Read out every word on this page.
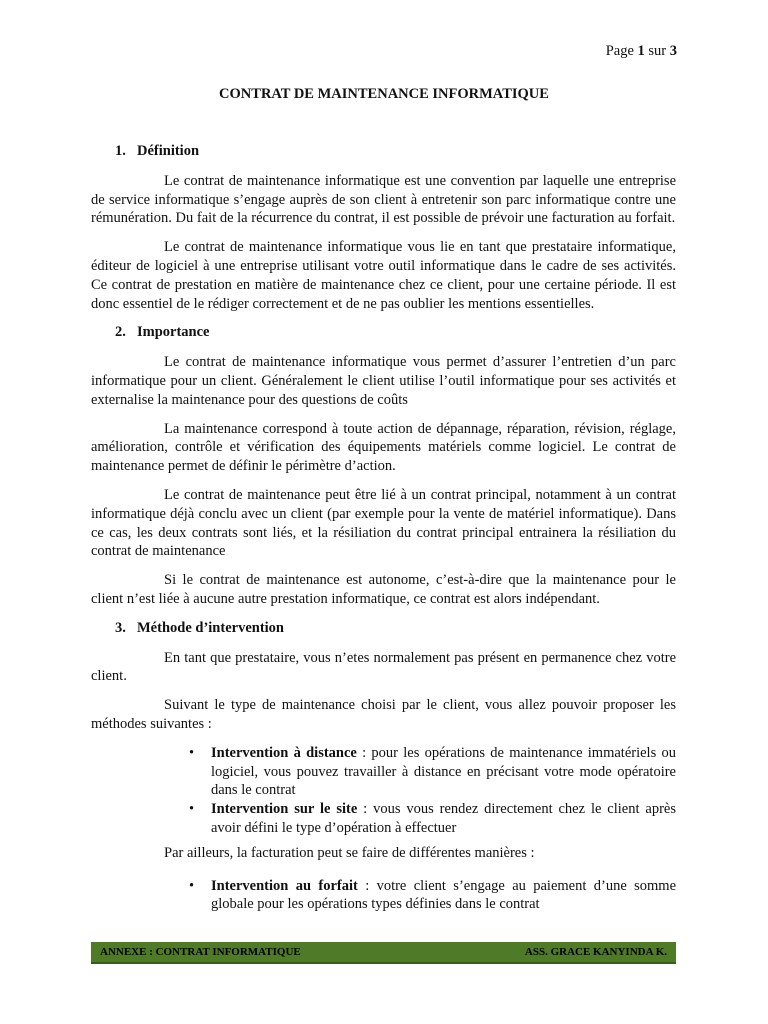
Page 1 sur 3
CONTRAT DE MAINTENANCE INFORMATIQUE
1. Définition

Le contrat de maintenance informatique est une convention par laquelle une entreprise de service informatique s’engage auprès de son client à entretenir son parc informatique contre une rémunération. Du fait de la récurrence du contrat, il est possible de prévoir une facturation au forfait.

Le contrat de maintenance informatique vous lie en tant que prestataire informatique, éditeur de logiciel à une entreprise utilisant votre outil informatique dans le cadre de ses activités. Ce contrat de prestation en matière de maintenance chez ce client, pour une certaine période. Il est donc essentiel de le rédiger correctement et de ne pas oublier les mentions essentielles.

2. Importance

Le contrat de maintenance informatique vous permet d’assurer l’entretien d’un parc informatique pour un client. Généralement le client utilise l’outil informatique pour ses activités et externalise la maintenance pour des questions de coûts

La maintenance correspond à toute action de dépannage, réparation, révision, réglage, amélioration, contrôle et vérification des équipements matériels comme logiciel. Le contrat de maintenance permet de définir le périmètre d’action.

Le contrat de maintenance peut être lié à un contrat principal, notamment à un contrat informatique déjà conclu avec un client (par exemple pour la vente de matériel informatique). Dans ce cas, les deux contrats sont liés, et la résiliation du contrat principal entrainera la résiliation du contrat de maintenance

Si le contrat de maintenance est autonome, c’est-à-dire que la maintenance pour le client n’est liée à aucune autre prestation informatique, ce contrat est alors indépendant.

3. Méthode d’intervention

En tant que prestataire, vous n’etes normalement pas présent en permanence chez votre client.

Suivant le type de maintenance choisi par le client, vous allez pouvoir proposer les méthodes suivantes :

• Intervention à distance : pour les opérations de maintenance immatériels ou logiciel, vous pouvez travailler à distance en précisant votre mode opératoire dans le contrat
• Intervention sur le site : vous vous rendez directement chez le client après avoir défini le type d’opération à effectuer
Par ailleurs, la facturation peut se faire de différentes manières :
• Intervention au forfait : votre client s’engage au paiement d’une somme globale pour les opérations types définies dans le contrat
ANNEXE : CONTRAT INFORMATIQUE	ASS. GRACE KANYINDA K.
